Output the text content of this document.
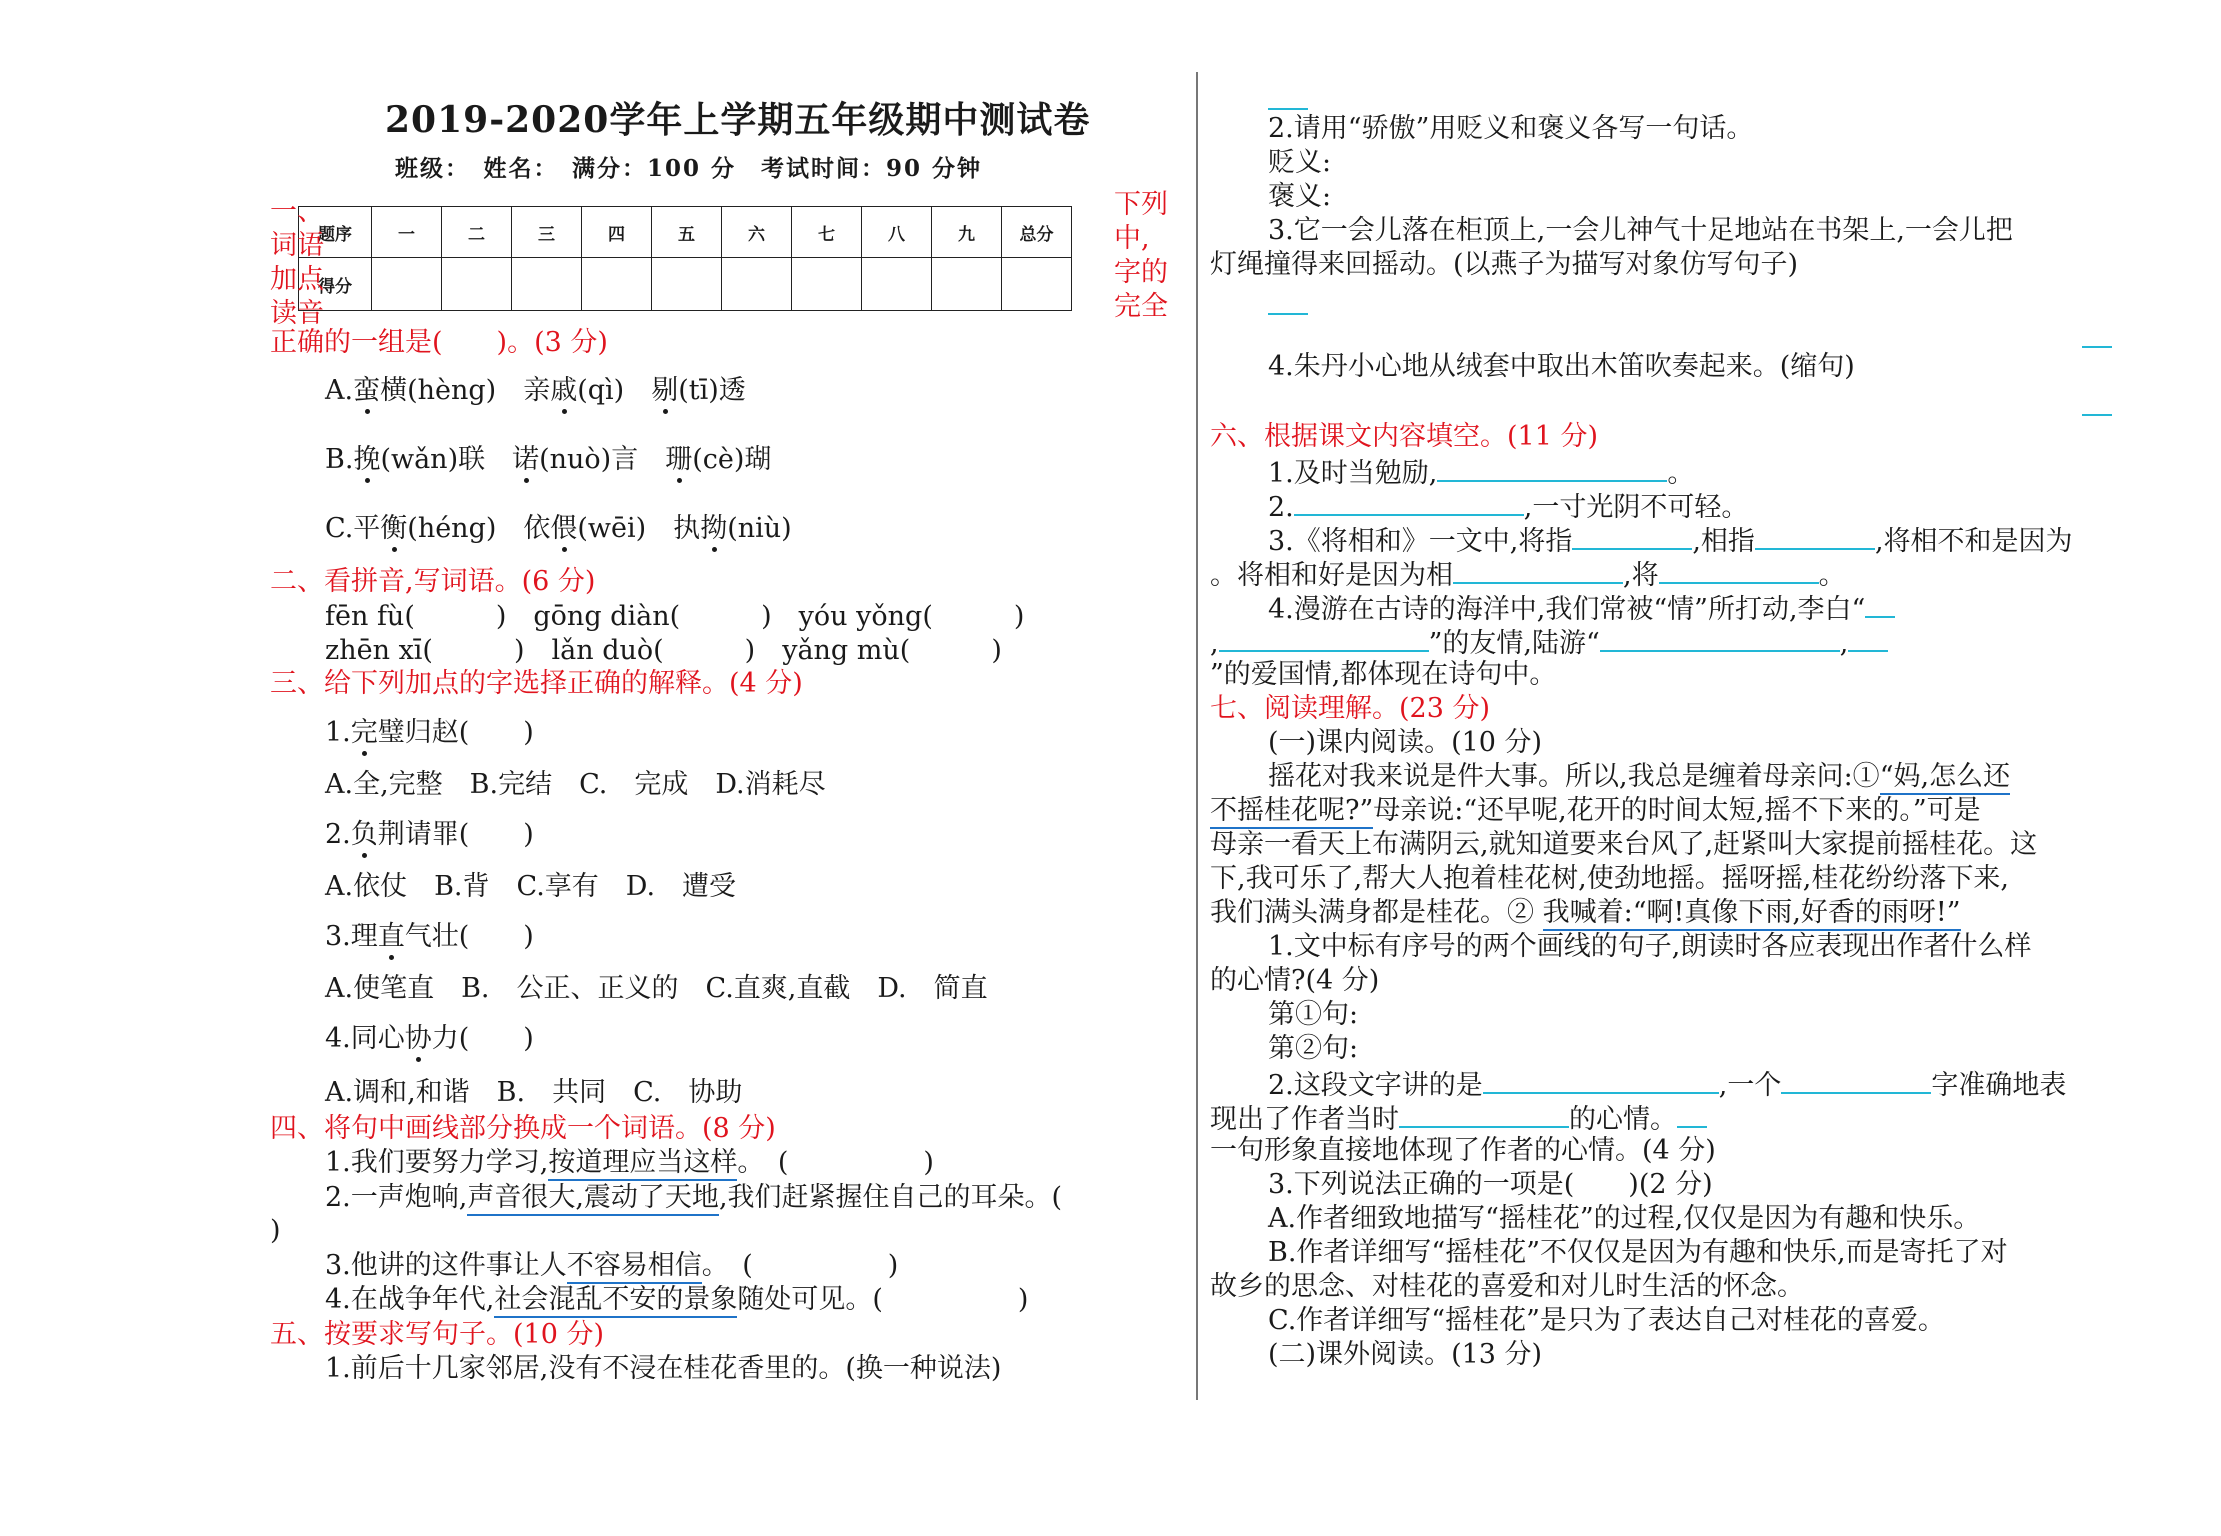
2019-2020学年上学期五年级期中测试卷
班级：　姓名：　满分：100 分　考试时间：90 分钟
题序	一	二	三	四	五	六	七	八	九	总分
得分										
一、
词语
加点
读音
下列
中,
字的
完全
正确的一组是(　　)。(3 分)
A.蛮横(hèng)　亲戚(qì)　剔(tī)透
B.挽(wǎn)联　诺(nuò)言　珊(cè)瑚
C.平衡(héng)　依偎(wēi)　执拗(niù)
二、看拼音,写词语。(6 分)
fēn fù(　　　)　gōng diàn(　　　)　yóu yǒng(　　　)
zhēn xī(　　　)　lǎn duò(　　　)　yǎng mù(　　　)
三、给下列加点的字选择正确的解释。(4 分)
1.完璧归赵(　　)
A.全,完整　B.完结　C.　完成　D.消耗尽
2.负荆请罪(　　)
A.依仗　B.背　C.享有　D.　遭受
3.理直气壮(　　)
A.使笔直　B.　公正、正义的　C.直爽,直截　D.　简直
4.同心协力(　　)
A.调和,和谐　B.　共同　C.　协助
四、将句中画线部分换成一个词语。(8 分)
1.我们要努力学习,按道理应当这样。　(　　　　　)
2.一声炮响,声音很大,震动了天地,我们赶紧握住自己的耳朵。(
)
3.他讲的这件事让人不容易相信。　(　　　　　)
4.在战争年代,社会混乱不安的景象随处可见。(　　　　　)
五、按要求写句子。(10 分)
1.前后十几家邻居,没有不浸在桂花香里的。(换一种说法)
2.请用“骄傲”用贬义和褒义各写一句话。
贬义:
褒义:
3.它一会儿落在柜顶上,一会儿神气十足地站在书架上,一会儿把
灯绳撞得来回摇动。(以燕子为描写对象仿写句子)
4.朱丹小心地从绒套中取出木笛吹奏起来。(缩句)
六、根据课文内容填空。(11 分)
1.及时当勉励,	。
2.	,一寸光阴不可轻。
3.《将相和》一文中,将指	,相指	,将相不和是因为
。将相和好是因为相	,将	。
4.漫游在古诗的海洋中,我们常被“情”所打动,李白“
,	”的友情,陆游“	,
”的爱国情,都体现在诗句中。
七、阅读理解。(23 分)
(一)课内阅读。(10 分)
摇花对我来说是件大事。所以,我总是缠着母亲问:①“妈,怎么还
不摇桂花呢?”母亲说:“还早呢,花开的时间太短,摇不下来的。”可是
母亲一看天上布满阴云,就知道要来台风了,赶紧叫大家提前摇桂花。这
下,我可乐了,帮大人抱着桂花树,使劲地摇。摇呀摇,桂花纷纷落下来,
我们满头满身都是桂花。② 我喊着:“啊!真像下雨,好香的雨呀!”
1.文中标有序号的两个画线的句子,朗读时各应表现出作者什么样
的心情?(4 分)
第①句:
第②句:
2.这段文字讲的是	,一个	字准确地表
现出了作者当时	的心情。
一句形象直接地体现了作者的心情。(4 分)
3.下列说法正确的一项是(　　)(2 分)
A.作者细致地描写“摇桂花”的过程,仅仅是因为有趣和快乐。
B.作者详细写“摇桂花”不仅仅是因为有趣和快乐,而是寄托了对
故乡的思念、对桂花的喜爱和对儿时生活的怀念。
C.作者详细写“摇桂花”是只为了表达自己对桂花的喜爱。
(二)课外阅读。(13 分)
